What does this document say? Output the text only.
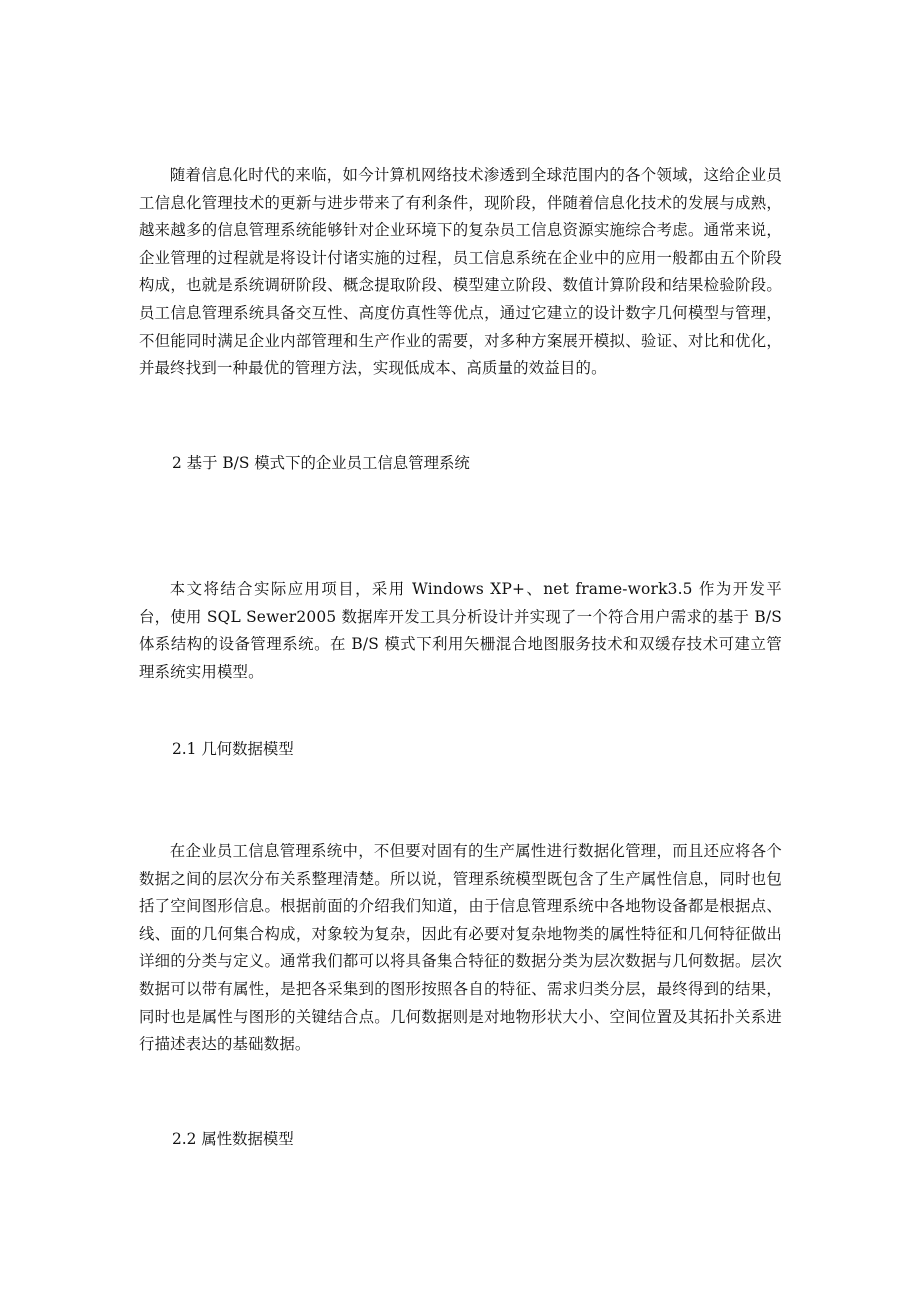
随着信息化时代的来临，如今计算机网络技术渗透到全球范围内的各个领域，这给企业员工信息化管理技术的更新与进步带来了有利条件，现阶段，伴随着信息化技术的发展与成熟，越来越多的信息管理系统能够针对企业环境下的复杂员工信息资源实施综合考虑。通常来说，企业管理的过程就是将设计付诸实施的过程，员工信息系统在企业中的应用一般都由五个阶段构成，也就是系统调研阶段、概念提取阶段、模型建立阶段、数值计算阶段和结果检验阶段。员工信息管理系统具备交互性、高度仿真性等优点，通过它建立的设计数字几何模型与管理，不但能同时满足企业内部管理和生产作业的需要，对多种方案展开模拟、验证、对比和优化，并最终找到一种最优的管理方法，实现低成本、高质量的效益目的。

2 基于 B/S 模式下的企业员工信息管理系统

本文将结合实际应用项目，采用 Windows XP+、net frame-work3.5 作为开发平台，使用 SQL Sewer2005 数据库开发工具分析设计并实现了一个符合用户需求的基于 B/S 体系结构的设备管理系统。在 B/S 模式下利用矢栅混合地图服务技术和双缓存技术可建立管理系统实用模型。

2.1 几何数据模型

在企业员工信息管理系统中，不但要对固有的生产属性进行数据化管理，而且还应将各个数据之间的层次分布关系整理清楚。所以说，管理系统模型既包含了生产属性信息，同时也包括了空间图形信息。根据前面的介绍我们知道，由于信息管理系统中各地物设备都是根据点、线、面的几何集合构成，对象较为复杂，因此有必要对复杂地物类的属性特征和几何特征做出详细的分类与定义。通常我们都可以将具备集合特征的数据分类为层次数据与几何数据。层次数据可以带有属性，是把各采集到的图形按照各自的特征、需求归类分层，最终得到的结果，同时也是属性与图形的关键结合点。几何数据则是对地物形状大小、空间位置及其拓扑关系进行描述表达的基础数据。

2.2 属性数据模型
